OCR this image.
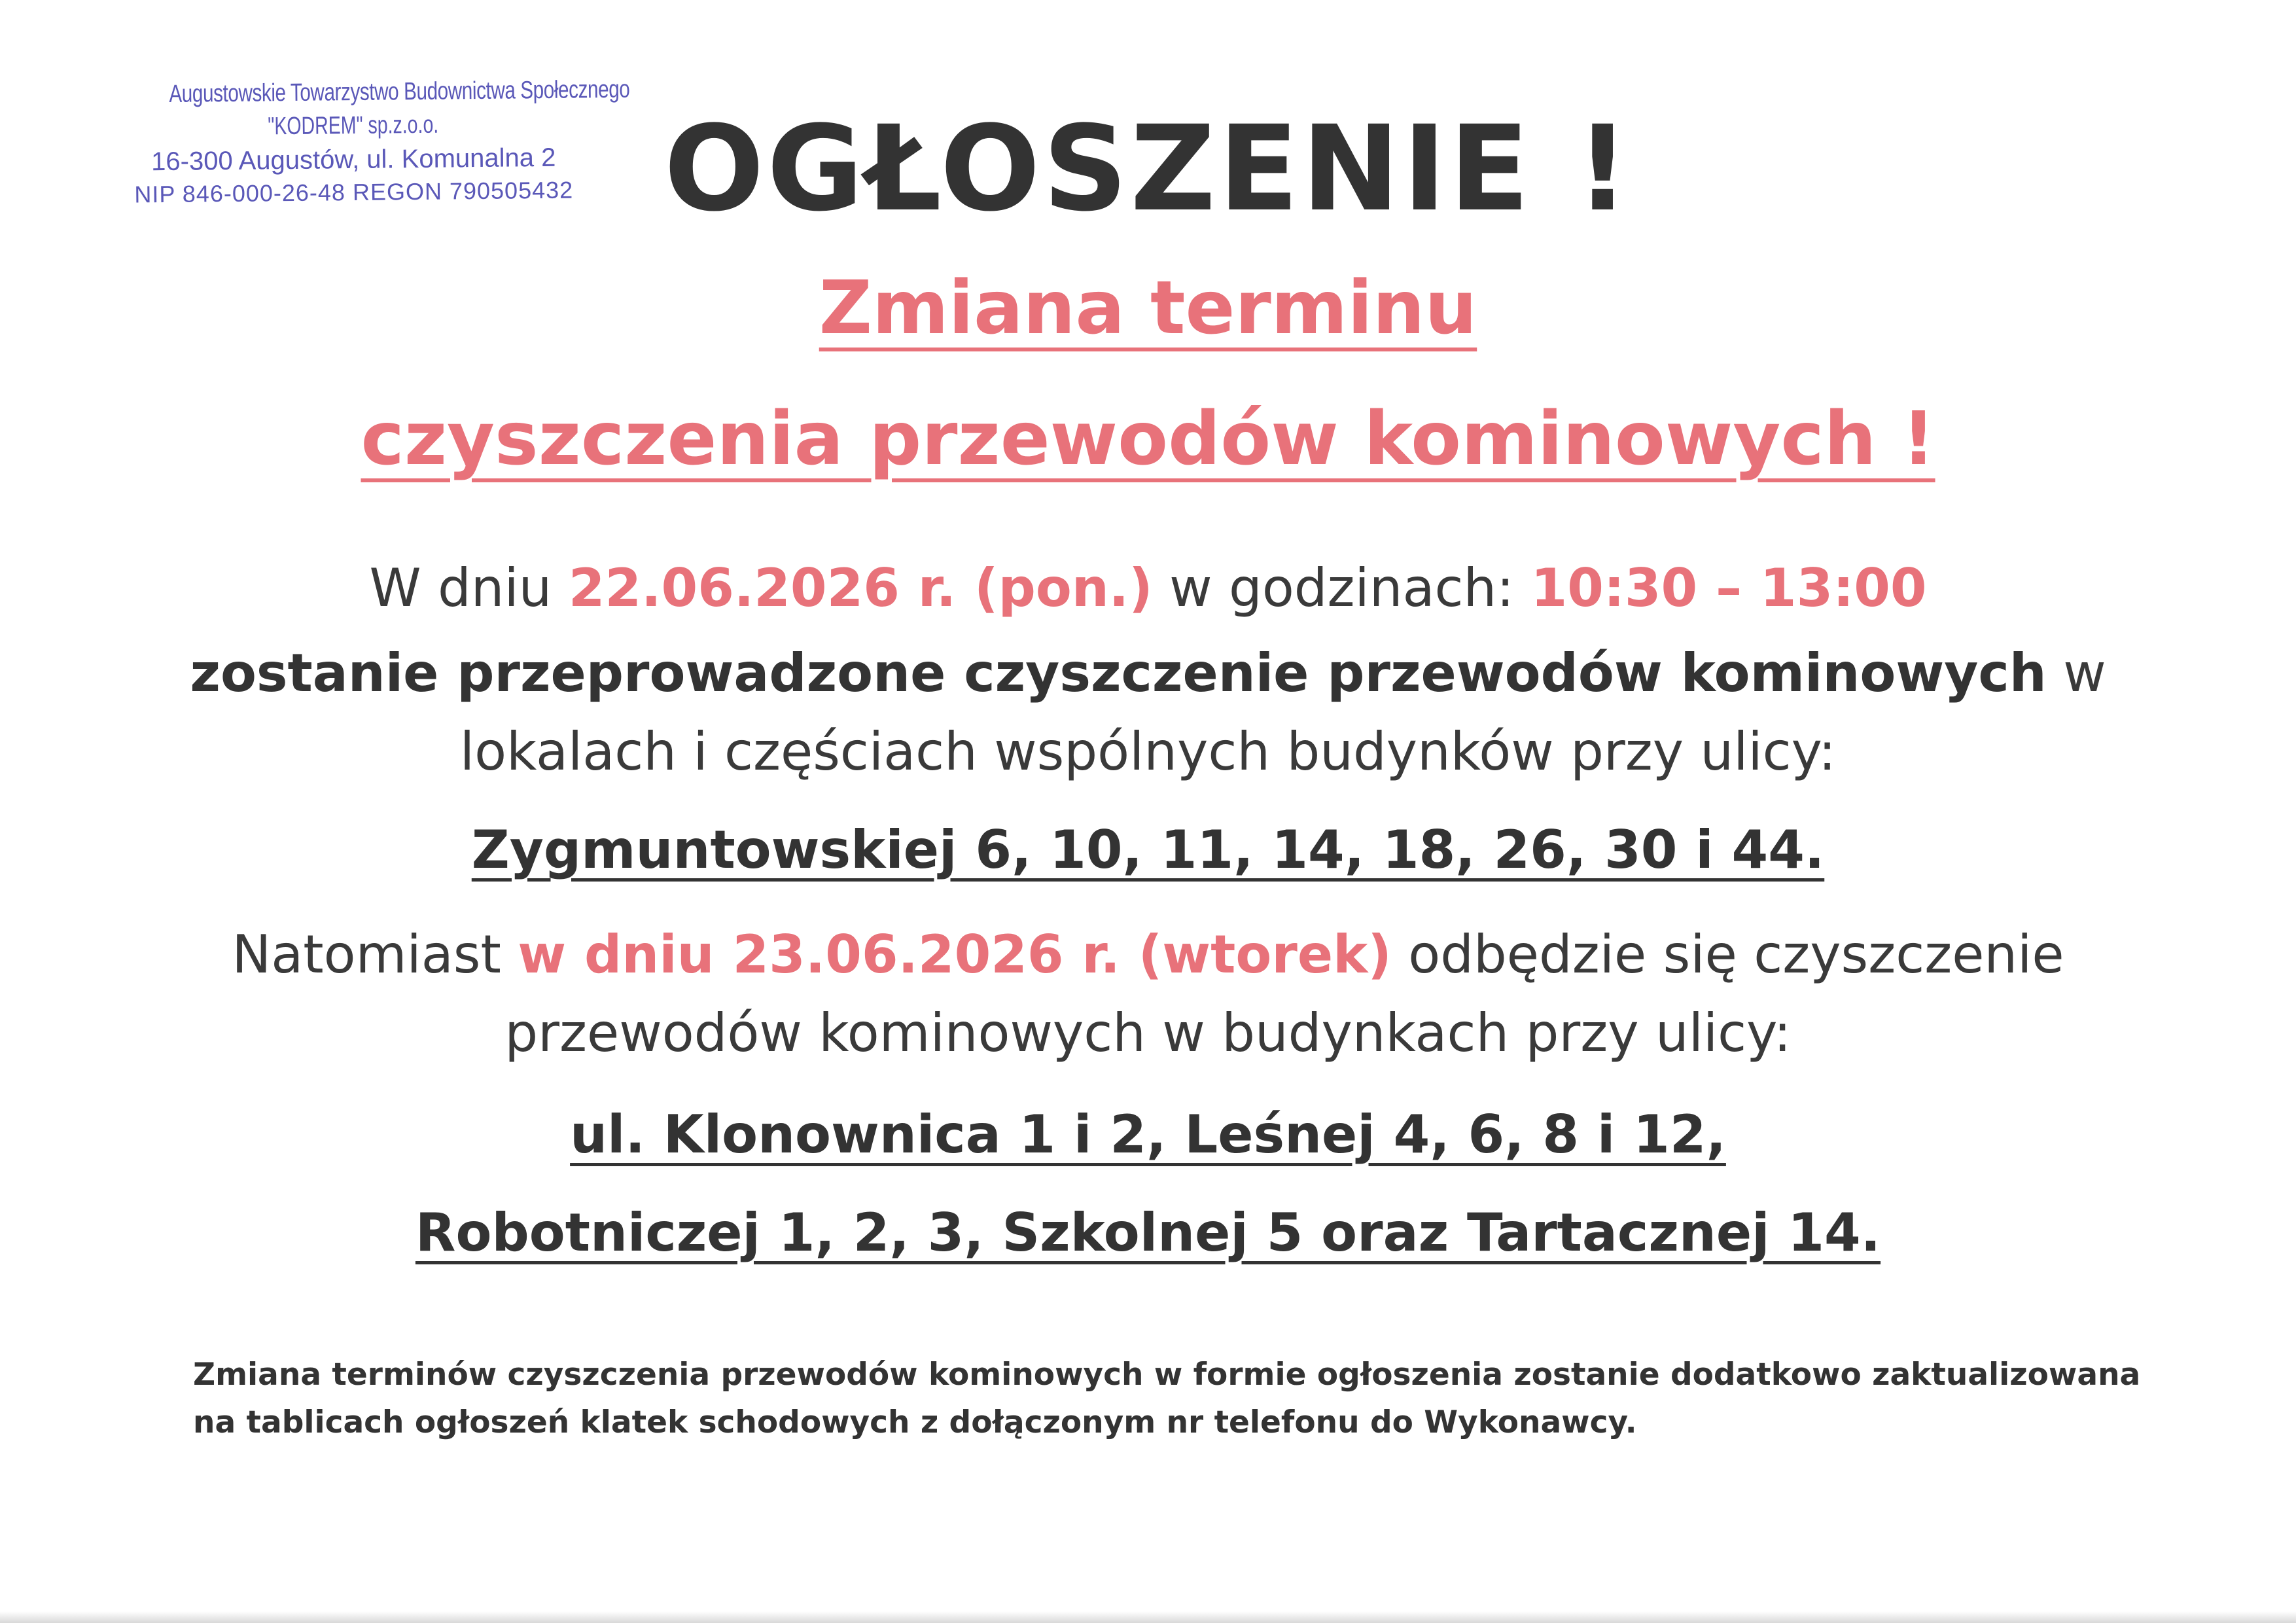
Augustowskie Towarzystwo Budownictwa Społecznego
"KODREM" sp.z.o.o.
16-300 Augustów, ul. Komunalna 2
NIP 846-000-26-48 REGON 790505432 OGŁOSZENIE !
Zmiana terminu
czyszczenia przewodów kominowych !
W dniu 22.06.2026 r. (pon.) w godzinach: 10:30 – 13:00
zostanie przeprowadzone czyszczenie przewodów kominowych w
lokalach i częściach wspólnych budynków przy ulicy:
Zygmuntowskiej 6, 10, 11, 14, 18, 26, 30 i 44.
Natomiast w dniu 23.06.2026 r. (wtorek) odbędzie się czyszczenie
przewodów kominowych w budynkach przy ulicy:
ul. Klonownica 1 i 2, Leśnej 4, 6, 8 i 12,
Robotniczej 1, 2, 3, Szkolnej 5 oraz Tartacznej 14.
Zmiana terminów czyszczenia przewodów kominowych w formie ogłoszenia zostanie dodatkowo zaktualizowana
na tablicach ogłoszeń klatek schodowych z dołączonym nr telefonu do Wykonawcy.
